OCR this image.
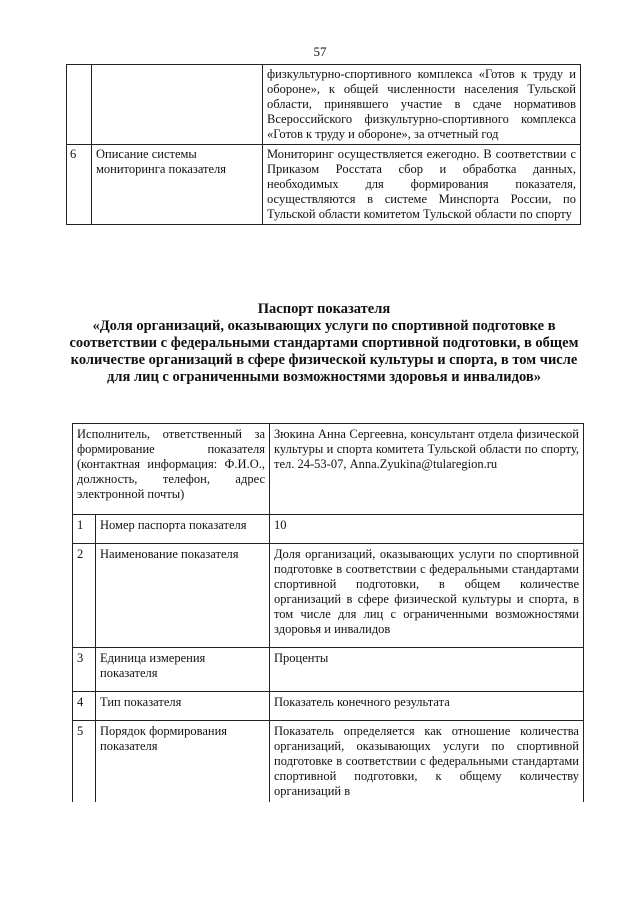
57
		физкультурно-спортивного комплекса «Готов к труду и обороне», к общей численности населения Тульской области, принявшего участие в сдаче нормативов Всероссийского физкультурно-спортивного комплекса «Готов к труду и обороне», за отчетный год
6	Описание системы мониторинга показателя	Мониторинг осуществляется ежегодно. В соответствии с Приказом Росстата сбор и обработка данных, необходимых для формирования показателя, осуществляются в системе Минспорта России, по Тульской области комитетом Тульской области по спорту
Паспорт показателя
«Доля организаций, оказывающих услуги по спортивной подготовке в соответствии с федеральными стандартами спортивной подготовки, в общем количестве организаций в сфере физической культуры и спорта, в том числе для лиц с ограниченными возможностями здоровья и инвалидов»
Исполнитель, ответственный за формирование показателя (контактная информация: Ф.И.О., должность, телефон, адрес электронной почты)		Зюкина Анна Сергеевна, консультант отдела физической культуры и спорта комитета Тульской области по спорту, тел. 24-53-07, Anna.Zyukina@tularegion.ru
1	Номер паспорта показателя	10
2	Наименование показателя	Доля организаций, оказывающих услуги по спортивной подготовке в соответствии с федеральными стандартами спортивной подготовки, в общем количестве организаций в сфере физической культуры и спорта, в том числе для лиц с ограниченными возможностями здоровья и инвалидов
3	Единица измерения показателя	Проценты
4	Тип показателя	Показатель конечного результата
5	Порядок формирования показателя	Показатель определяется как отношение количества организаций, оказывающих услуги по спортивной подготовке в соответствии с федеральными стандартами спортивной подготовки, к общему количеству организаций в
